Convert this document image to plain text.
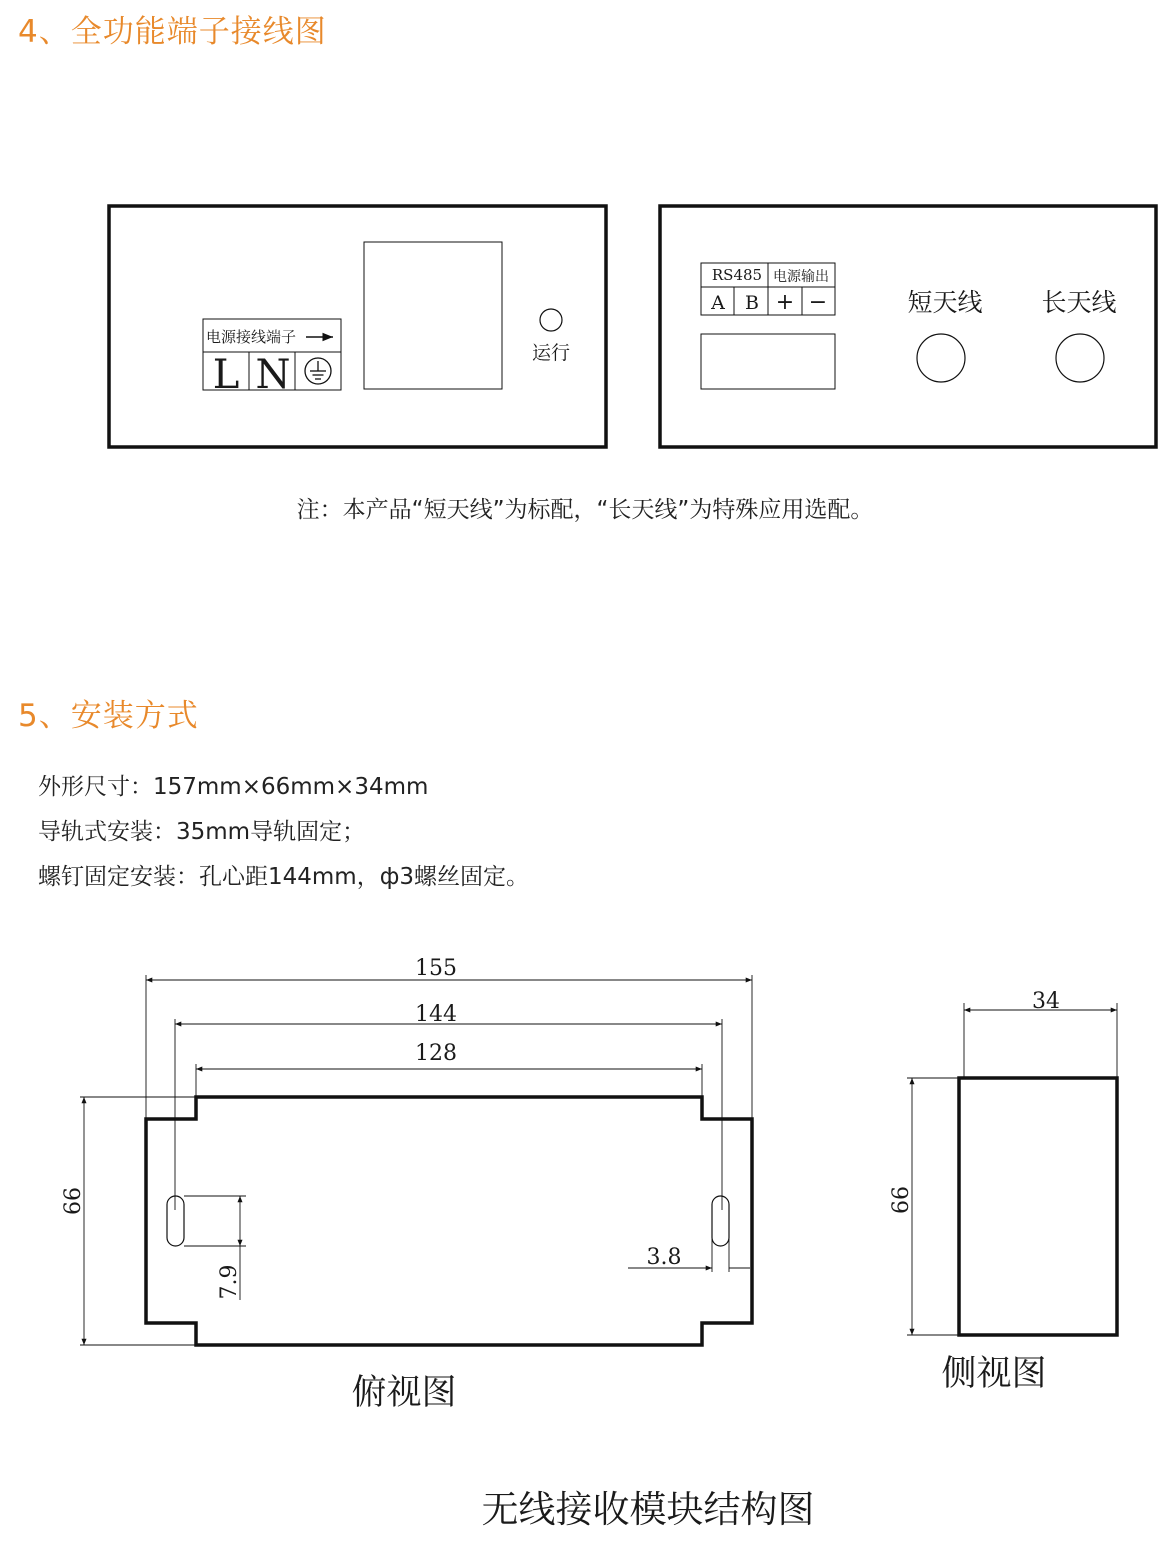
4、全功能端子接线图
电源接线端子
L N	运行
RS485 电源输出
A B + −	短天线 长天线
155
144
128
66
7.9
3.8
俯视图
34
66
侧视图
无线接收模块结构图
注：本产品“短天线”为标配，“长天线”为特殊应用选配。
5、安装方式
外形尺寸：157mm×66mm×34mm
导轨式安装：35mm导轨固定；
螺钉固定安装：孔心距144mm，ф3螺丝固定。
